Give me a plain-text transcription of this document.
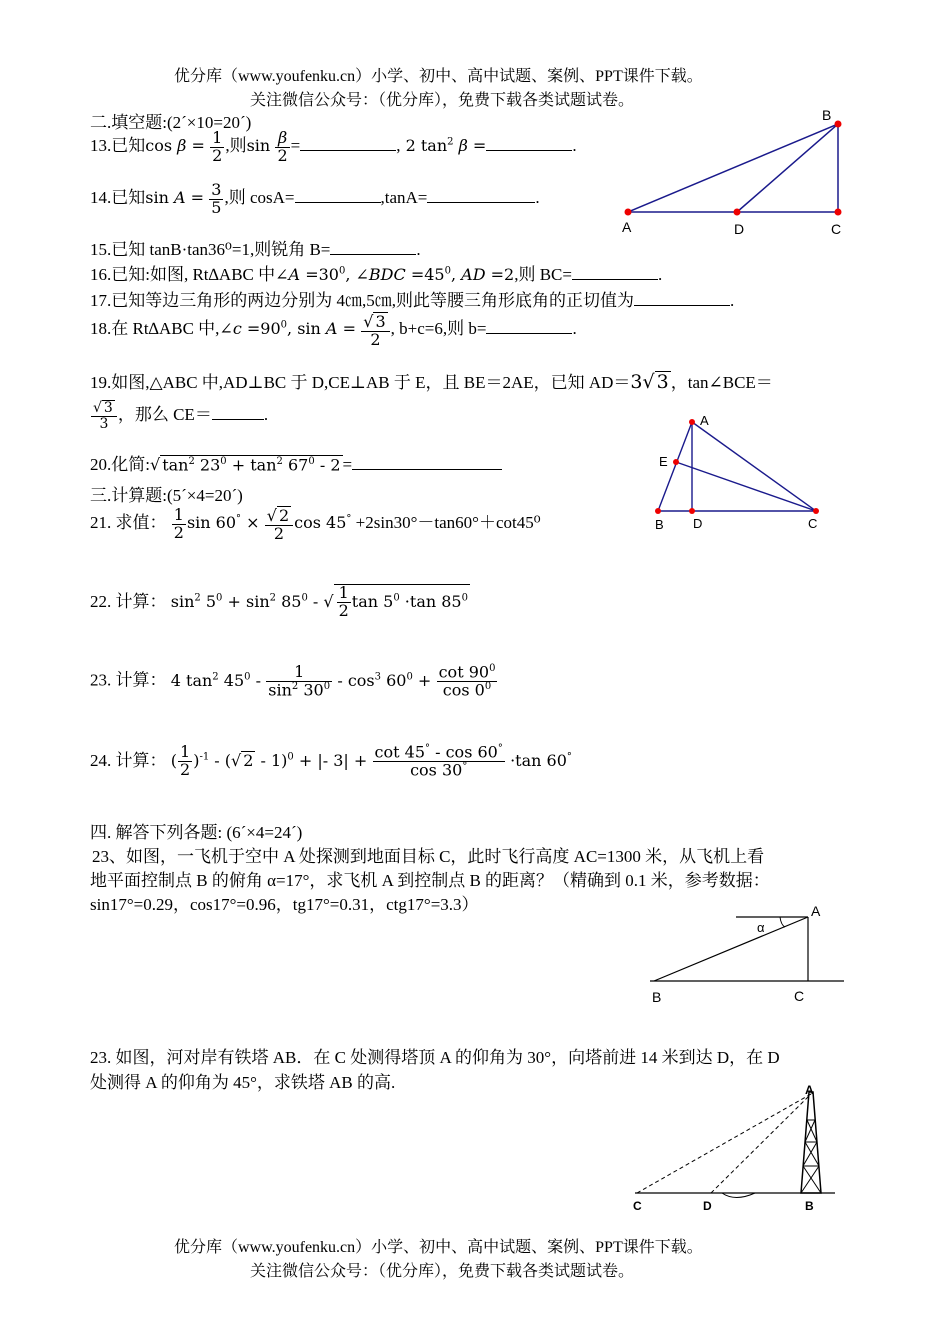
优分库（www.youfenku.cn）小学、初中、高中试题、案例、PPT课件下载。
关注微信公众号：（优分库），免费下载各类试题试卷。
二.填空题:(2´×10=20´)
13.已知$\cos \beta = \frac{1}{2}$ ,则$\sin \frac{\beta}{2}$ =	, 2 $\tan^2 \beta$ =	.
14.已知$\sin A = \frac{3}{5}$ ,则 cosA=	,tanA=	.
15.已知 tanB·tan36⁰=1,则锐角 B=	.
16.已知:如图, Rt∆ABC 中∠A $=30^0$, ∠BDC $=45^0$, AD =2,则 BC=	.
17.已知等边三角形的两边分别为 4㎝,5㎝,则此等腰三角形底角的正切值为	.
18.在 Rt∆ABC 中,∠c $=90^0$, $\sin A = \frac{√ 3}{2}$ , b+c=6,则 b=	.
19.如图,△ABC 中,AD⊥BC 于 D,CE⊥AB 于 E，且 BE＝2AE，已知 AD＝3√ 3 ，tan∠BCE＝
$\frac{√ 3}{3}$ ，那么 CE＝	.
20.化简:√ $\tan^2 23^0 + \tan^2 67^0 - 2$ =
三.计算题:(5´×4=20´)
21. 求值： $\frac{1}{2}$ $\sin 60^\circ \times \frac{√ 2}{2}$ cos 45° +2sin30°－tan60°＋cot45⁰
22. 计算： $\sin^2 5^0 + \sin^2 85^0$ - √ $\frac{1}{2}$ $\tan 5^0 \cdot\tan$ $85^0$
23. 计算： 4 $\tan^2 45^0 - \frac{1}{\sin^2 30^0} - \cos^3 60^0 + \frac{\cot 90^0}{\cos 0^0}$
24. 计算： ( $\frac{1}{2} )^{-1}$ - (√ 2 - 1)$^0$ + |- $3| + \frac{\cot 45^\circ - \cos 60^\circ}{\cos 30^\circ} \cdot\tan$ 60°
四. 解答下列各题: (6´×4=24´)
23、如图，一飞机于空中 A 处探测到地面目标 C，此时飞行高度 AC=1300 米，从飞机上看
地平面控制点 B 的俯角 α=17°，求飞机 A 到控制点 B 的距离？（精确到 0.1 米，参考数据：
sin17°=0.29，cos17°=0.96，tg17°=0.31，ctg17°=3.3）
23. 如图，河对岸有铁塔 AB．在 C 处测得塔顶 A 的仰角为 30°，向塔前进 14 米到达 D，在 D
处测得 A 的仰角为 45°，求铁塔 AB 的高.
优分库（www.youfenku.cn）小学、初中、高中试题、案例、PPT课件下载。
关注微信公众号：（优分库），免费下载各类试题试卷。
A	D	C
B
A
E
B D	C
α
A
B	C
A
C	D	B
